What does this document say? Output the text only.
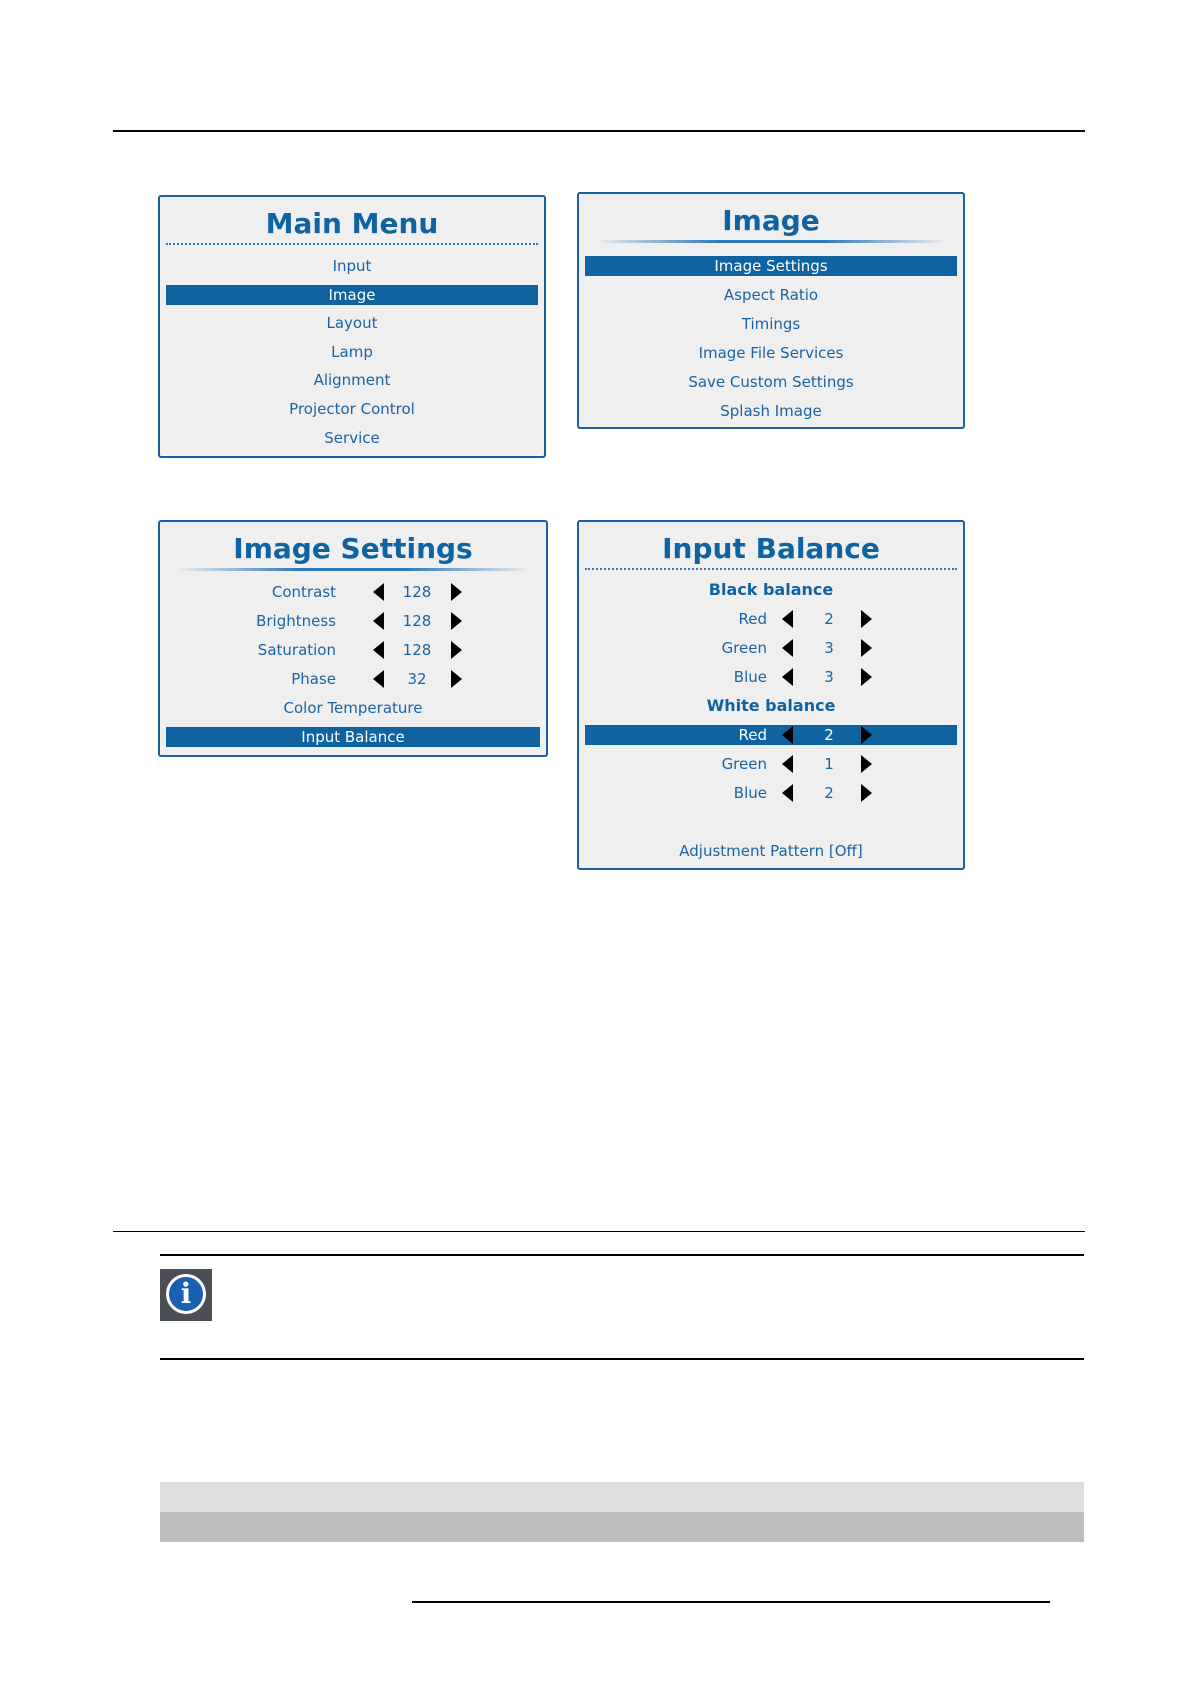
Main Menu
Input
Image
Layout
Lamp
Alignment
Projector Control
Service
Image
Image Settings
Aspect Ratio
Timings
Image File Services
Save Custom Settings
Splash Image
Image Settings
Contrast	128
Brightness	128
Saturation	128
Phase	32
Color Temperature
Input Balance
Input Balance
Black balance
Red	2
Green	3
Blue	3
White balance
Red	2
Green	1
Blue	2
Adjustment Pattern [Off]
i
